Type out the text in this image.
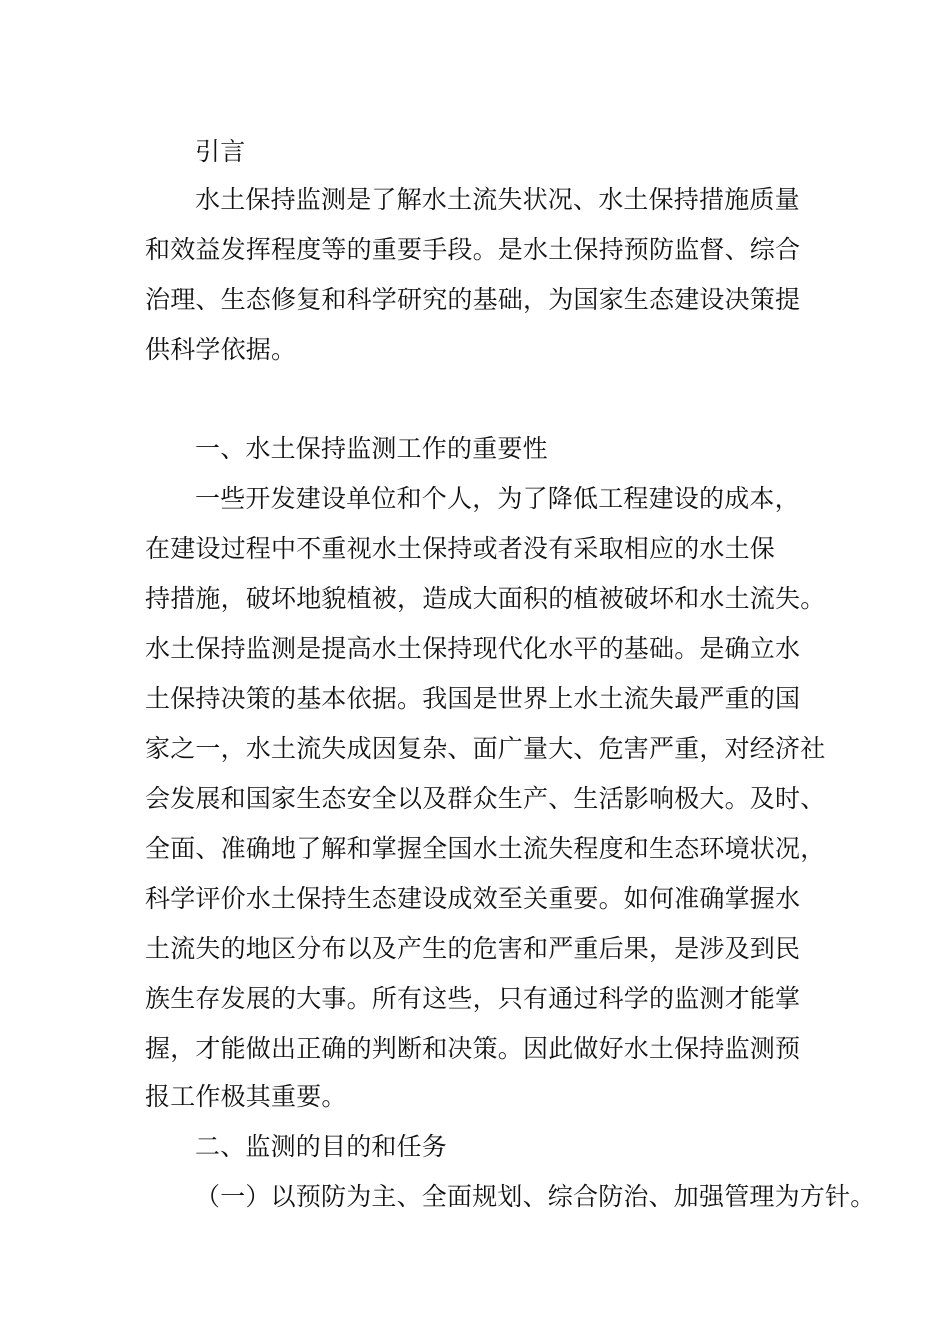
引言
水土保持监测是了解水土流失状况、水土保持措施质量
和效益发挥程度等的重要手段。是水土保持预防监督、综合
治理、生态修复和科学研究的基础，为国家生态建设决策提
供科学依据。
一、水土保持监测工作的重要性
一些开发建设单位和个人，为了降低工程建设的成本，
在建设过程中不重视水土保持或者没有采取相应的水土保
持措施，破坏地貌植被，造成大面积的植被破坏和水土流失。
水土保持监测是提高水土保持现代化水平的基础。是确立水
土保持决策的基本依据。我国是世界上水土流失最严重的国
家之一，水土流失成因复杂、面广量大、危害严重，对经济社
会发展和国家生态安全以及群众生产、生活影响极大。及时、
全面、准确地了解和掌握全国水土流失程度和生态环境状况，
科学评价水土保持生态建设成效至关重要。如何准确掌握水
土流失的地区分布以及产生的危害和严重后果，是涉及到民
族生存发展的大事。所有这些，只有通过科学的监测才能掌
握，才能做出正确的判断和决策。因此做好水土保持监测预
报工作极其重要。
二、监测的目的和任务
（一）以预防为主、全面规划、综合防治、加强管理为方针。
